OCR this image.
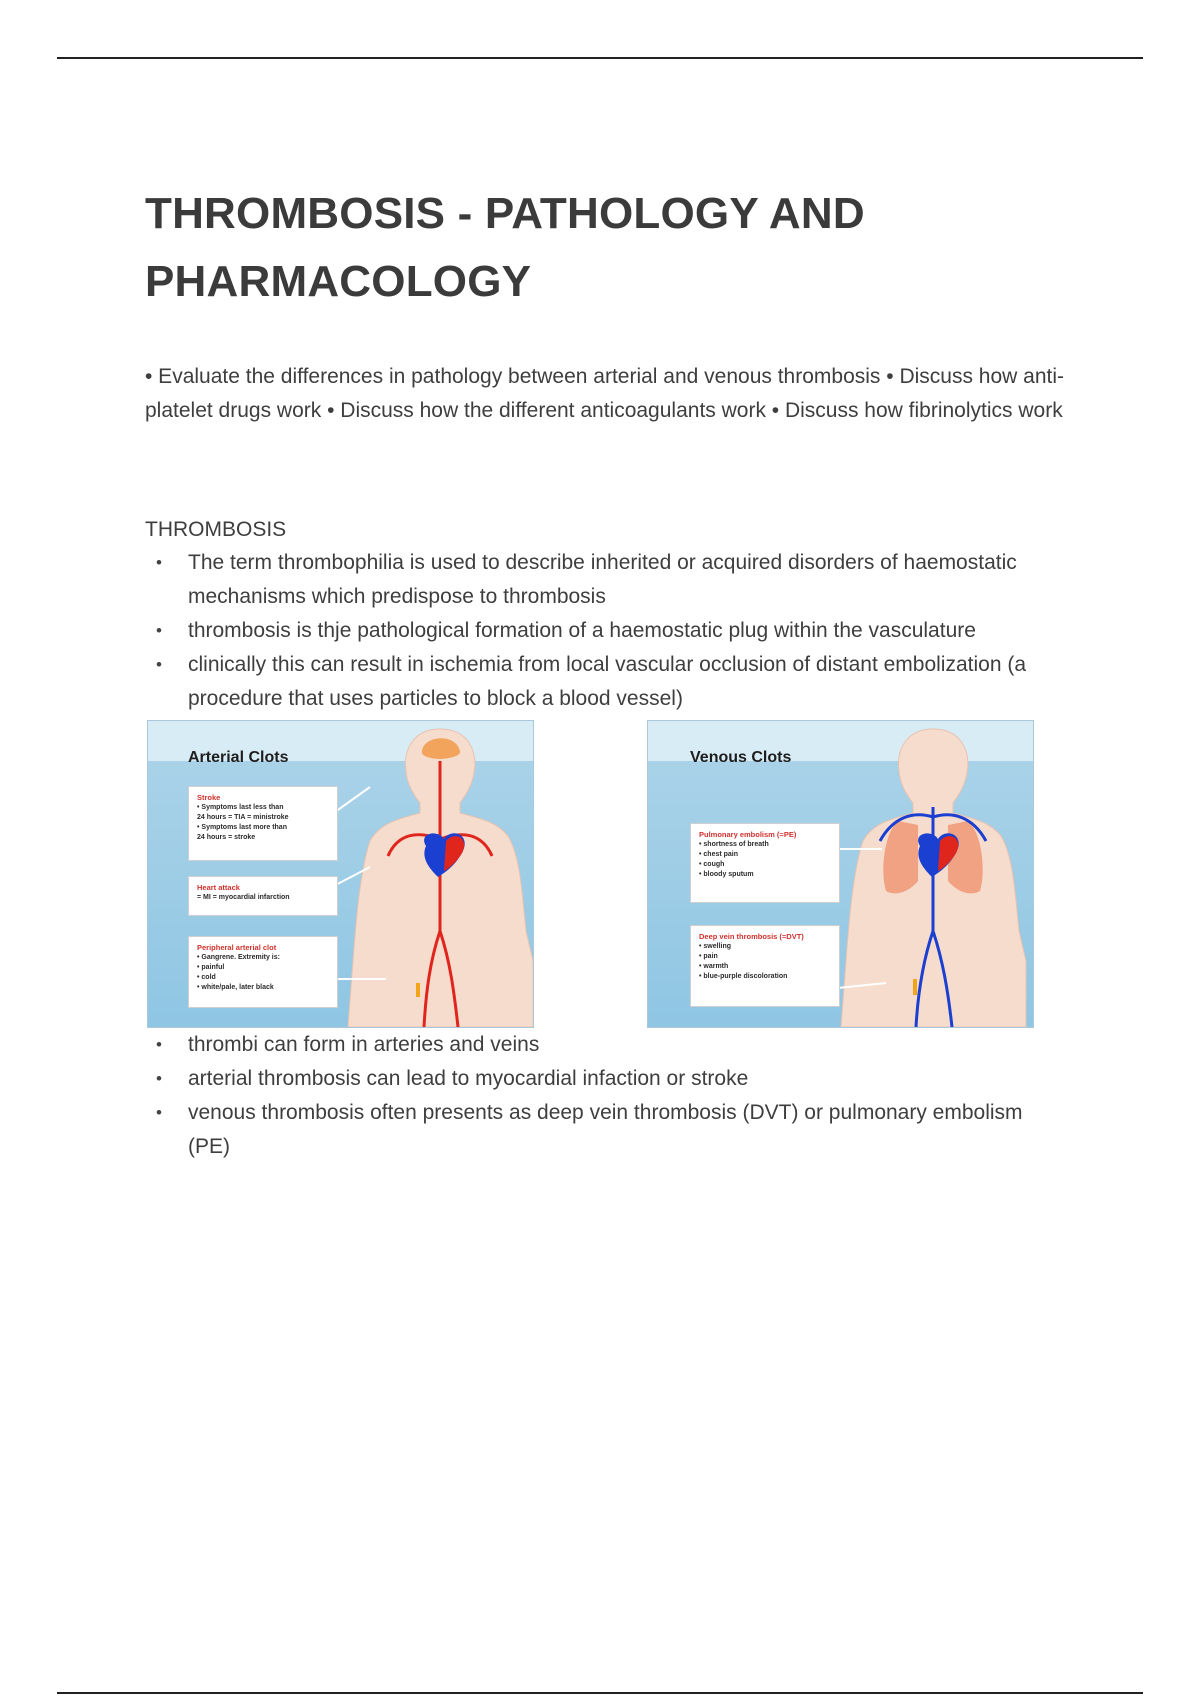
THROMBOSIS - PATHOLOGY AND PHARMACOLOGY
• Evaluate the differences in pathology between arterial and venous thrombosis • Discuss how anti-platelet drugs work • Discuss how the different anticoagulants work • Discuss how fibrinolytics work
THROMBOSIS
• The term thrombophilia is used to describe inherited or acquired disorders of haemostatic mechanisms which predispose to thrombosis
• thrombosis is thje pathological formation of a haemostatic plug within the vasculature
• clinically this can result in ischemia from local vascular occlusion of distant embolization (a procedure that uses particles to block a blood vessel)
Arterial Clots
Stroke
• Symptoms last less than
24 hours = TIA = ministroke
• Symptoms last more than
24 hours = stroke
Heart attack
= MI = myocardial infarction
Peripheral arterial clot
• Gangrene. Extremity is:
• painful
• cold
• white/pale, later black
Venous Clots
Pulmonary embolism (=PE)
• shortness of breath
• chest pain
• cough
• bloody sputum
Deep vein thrombosis (=DVT)
• swelling
• pain
• warmth
• blue-purple discoloration
• thrombi can form in arteries and veins
• arterial thrombosis can lead to myocardial infaction or stroke
• venous thrombosis often presents as deep vein thrombosis (DVT) or pulmonary embolism (PE)
